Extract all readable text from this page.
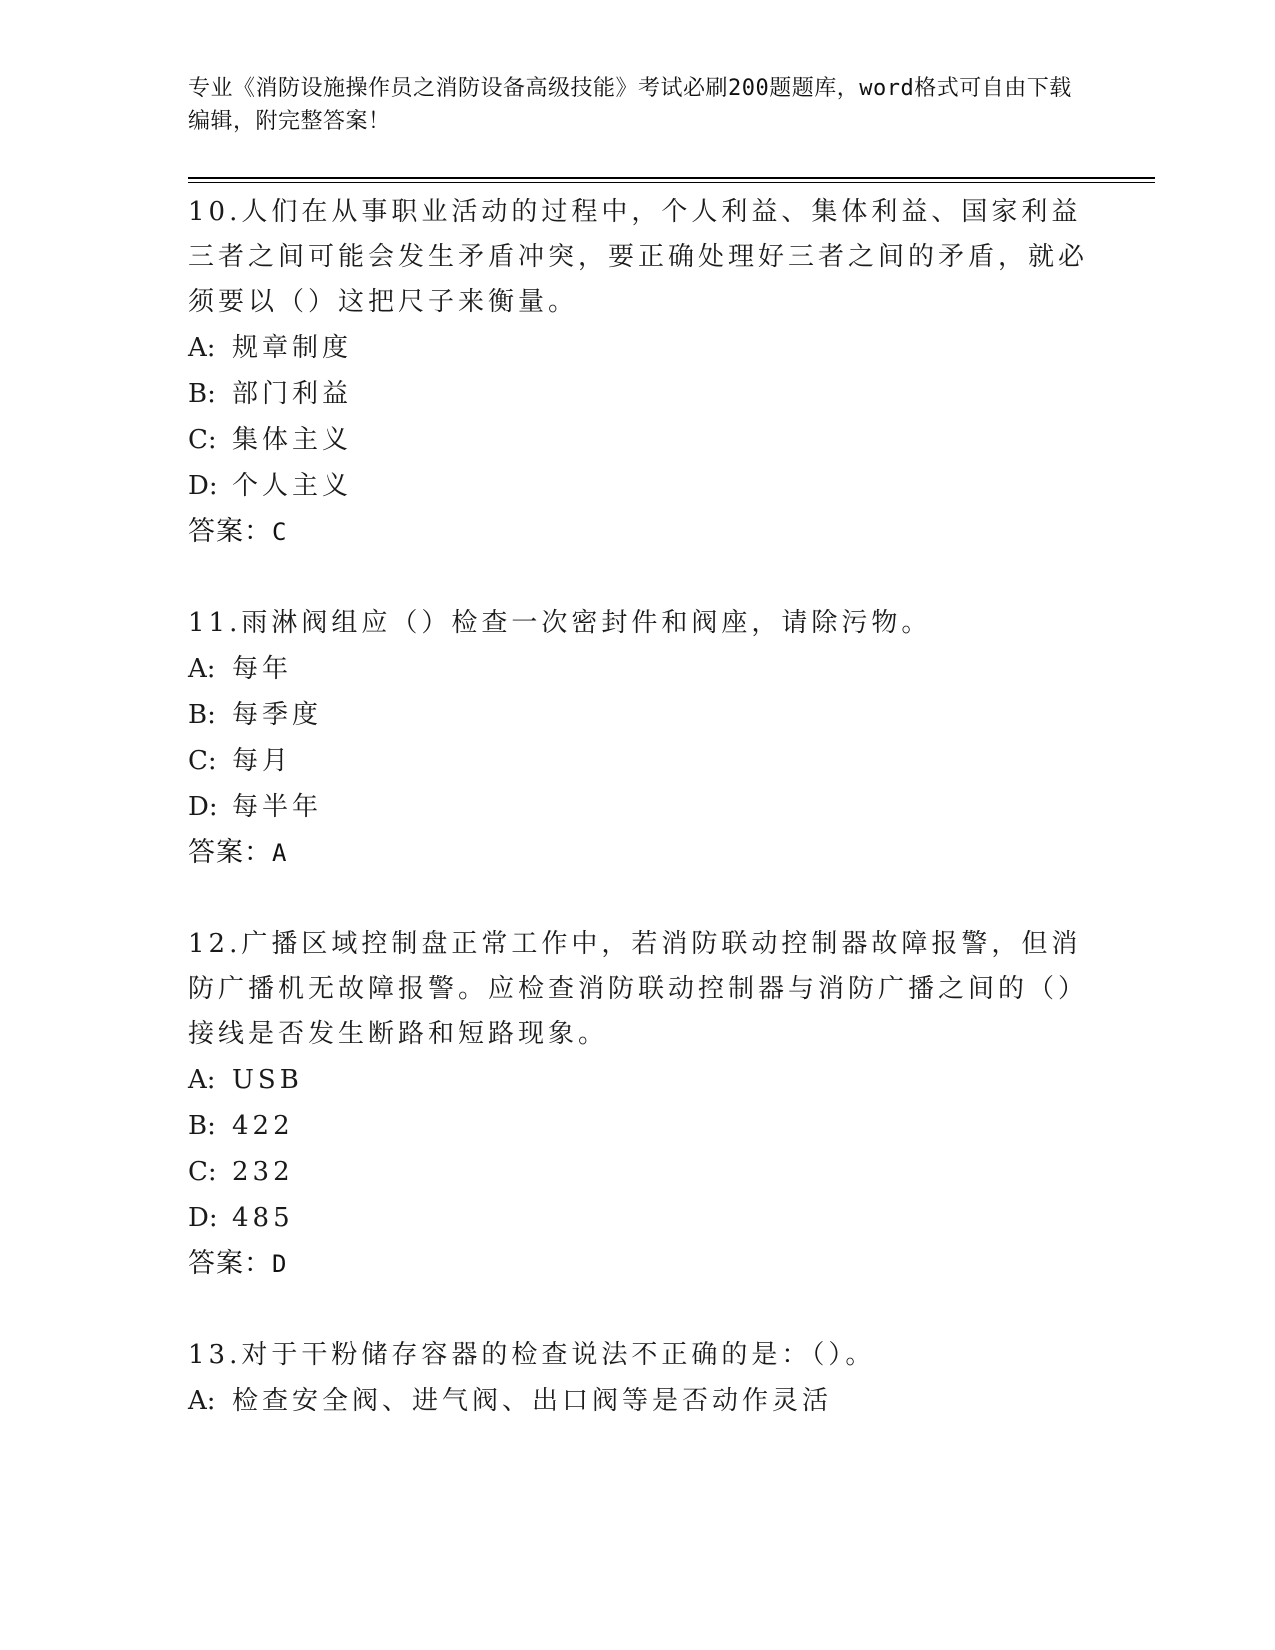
专业《消防设施操作员之消防设备高级技能》考试必刷200题题库，word格式可自由下载编辑，附完整答案！

10.人们在从事职业活动的过程中，个人利益、集体利益、国家利益三者之间可能会发生矛盾冲突，要正确处理好三者之间的矛盾，就必须要以（）这把尺子来衡量。

A: 规章制度

B: 部门利益

C: 集体主义

D: 个人主义

答案：C

11.雨淋阀组应（）检查一次密封件和阀座，请除污物。

A: 每年

B: 每季度

C: 每月

D: 每半年

答案：A

12.广播区域控制盘正常工作中，若消防联动控制器故障报警，但消防广播机无故障报警。应检查消防联动控制器与消防广播之间的（）接线是否发生断路和短路现象。

A: USB

B: 422

C: 232

D: 485

答案：D

13.对于干粉储存容器的检查说法不正确的是：（）。

A: 检查安全阀、进气阀、出口阀等是否动作灵活
